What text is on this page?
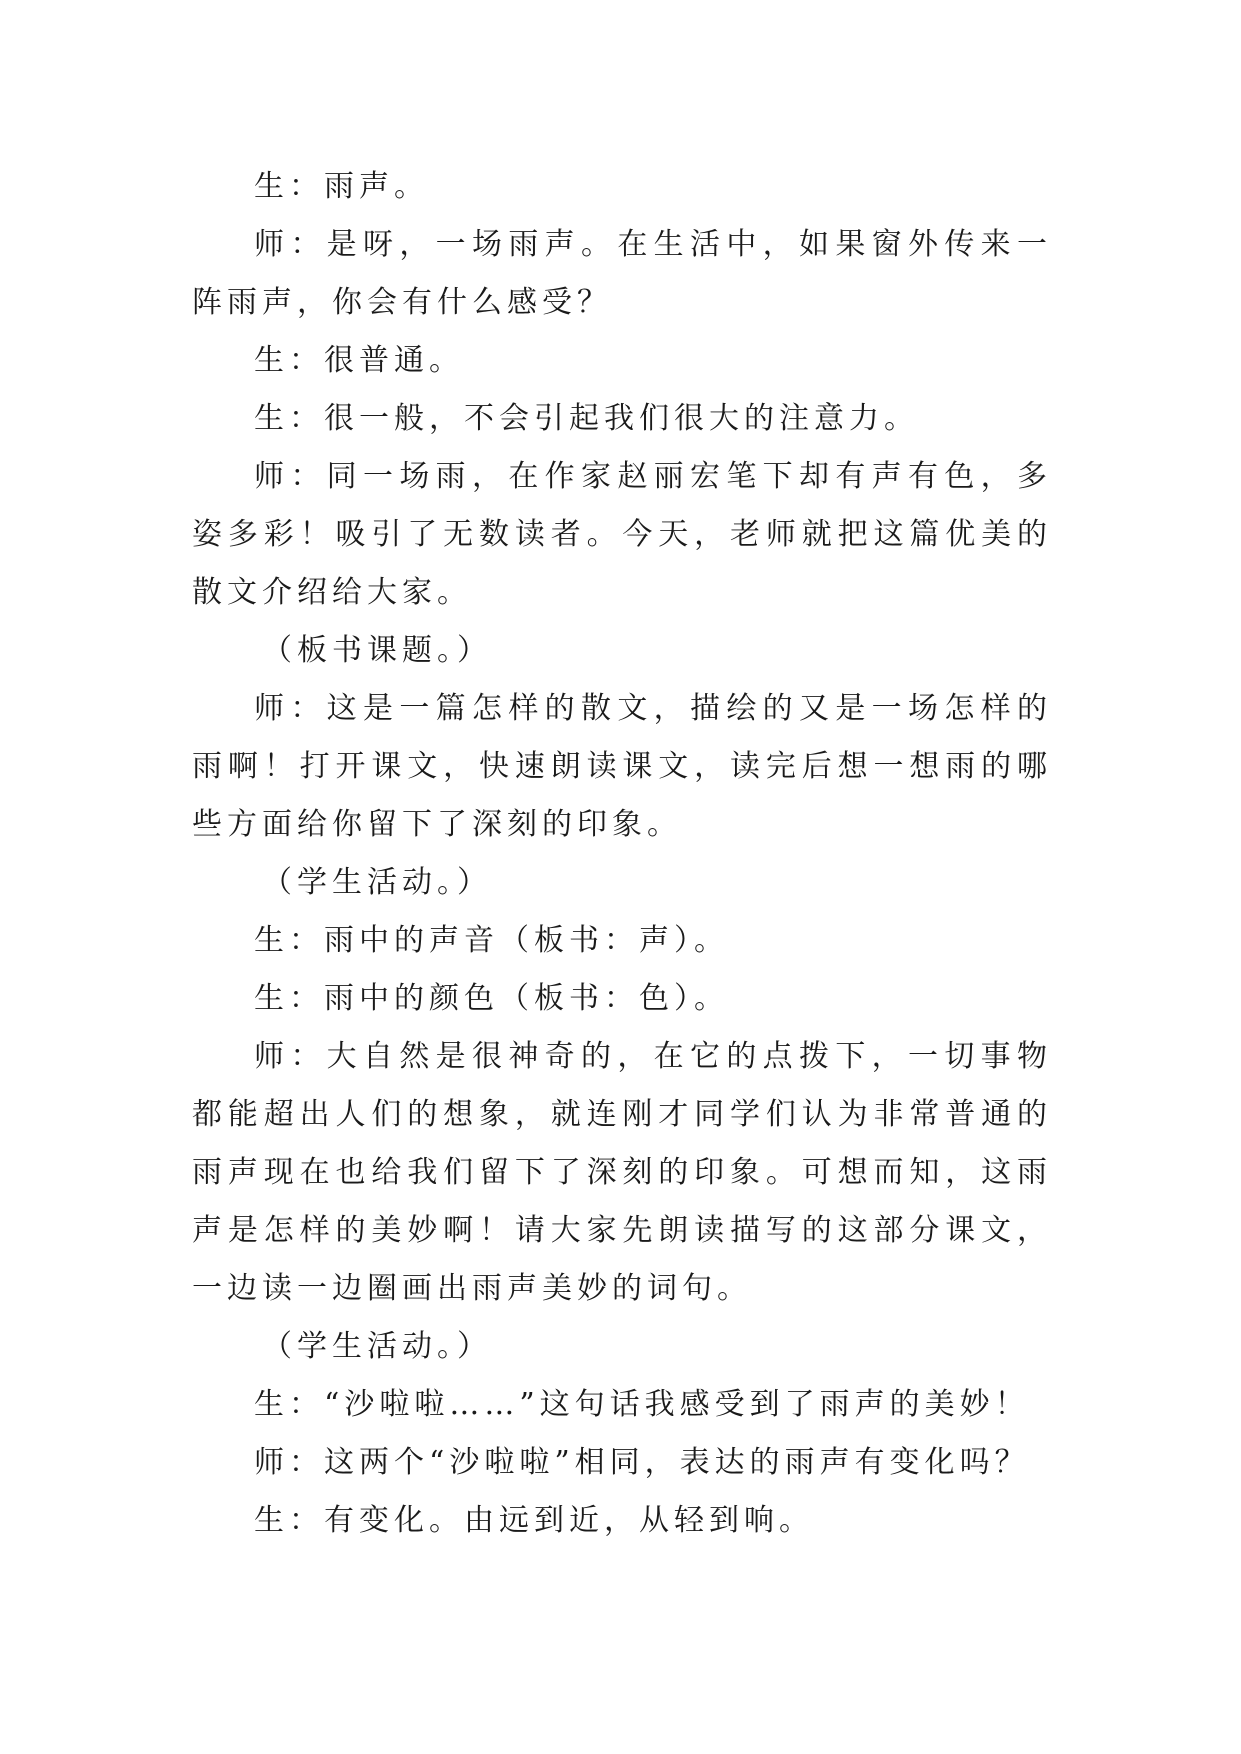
生：雨声。

师：是呀，一场雨声。在生活中，如果窗外传来一阵雨声，你会有什么感受？

生：很普通。

生：很一般，不会引起我们很大的注意力。

师：同一场雨，在作家赵丽宏笔下却有声有色，多姿多彩！吸引了无数读者。今天，老师就把这篇优美的散文介绍给大家。

（板书课题。）

师：这是一篇怎样的散文，描绘的又是一场怎样的雨啊！打开课文，快速朗读课文，读完后想一想雨的哪些方面给你留下了深刻的印象。

（学生活动。）

生：雨中的声音（板书：声）。

生：雨中的颜色（板书：色）。

师：大自然是很神奇的，在它的点拨下，一切事物都能超出人们的想象，就连刚才同学们认为非常普通的雨声现在也给我们留下了深刻的印象。可想而知，这雨声是怎样的美妙啊！请大家先朗读描写的这部分课文，一边读一边圈画出雨声美妙的词句。

（学生活动。）

生：“沙啦啦……”这句话我感受到了雨声的美妙！

师：这两个“沙啦啦”相同，表达的雨声有变化吗？

生：有变化。由远到近，从轻到响。
